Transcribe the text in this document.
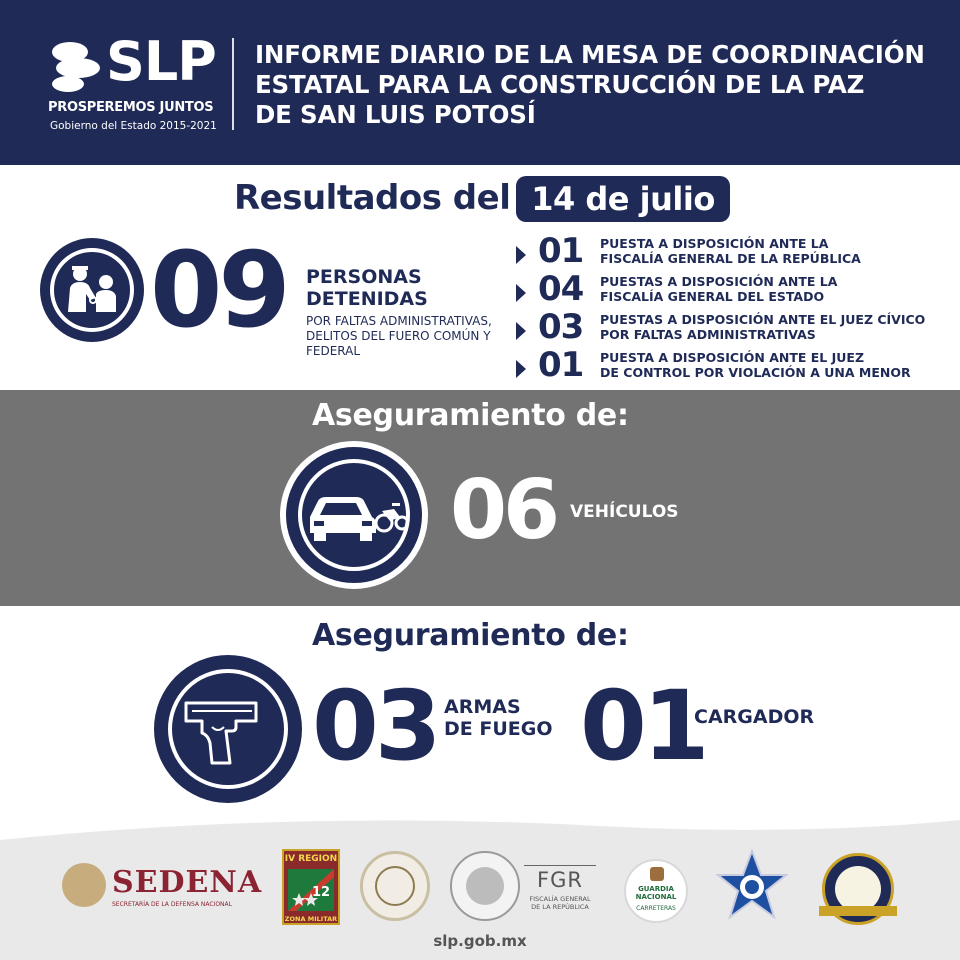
SLP
PROSPEREMOS JUNTOS
Gobierno del Estado 2015-2021
INFORME DIARIO DE LA MESA DE COORDINACIÓN
ESTATAL PARA LA CONSTRUCCIÓN DE LA PAZ
DE SAN LUIS POTOSÍ
Resultados del 14 de julio
09 PERSONAS
DETENIDAS
POR FALTAS ADMINISTRATIVAS, DELITOS DEL FUERO COMÚN Y FEDERAL
01 PUESTA A DISPOSICIÓN ANTE LA
FISCALÍA GENERAL DE LA REPÚBLICA
04 PUESTAS A DISPOSICIÓN ANTE LA
FISCALÍA GENERAL DEL ESTADO
03 PUESTAS A DISPOSICIÓN ANTE EL JUEZ CÍVICO
POR FALTAS ADMINISTRATIVAS
01 PUESTA A DISPOSICIÓN ANTE EL JUEZ
DE CONTROL POR VIOLACIÓN A UNA MENOR
Aseguramiento de:
06 VEHÍCULOS
Aseguramiento de:
03 ARMAS
DE FUEGO 01
CARGADOR
SEDENA
SECRETARÍA DE LA DEFENSA NACIONAL
IV REGION
12
ZONA MILITAR
FGR
FISCALÍA GENERAL
DE LA REPÚBLICA
GUARDIA
NACIONAL
CARRETERAS
slp.gob.mx
